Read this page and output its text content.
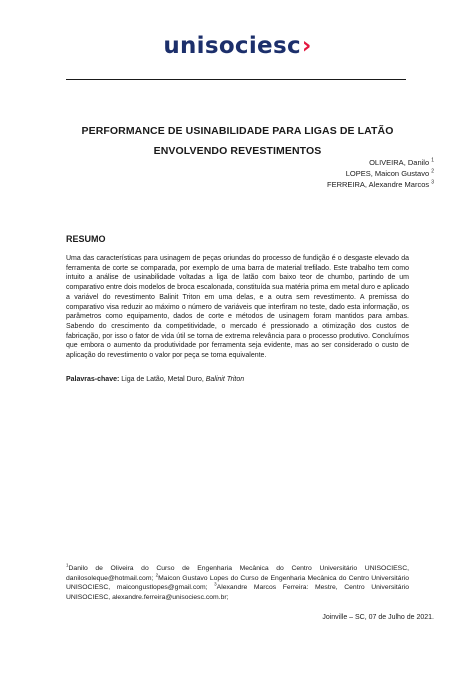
unisociesc›
PERFORMANCE DE USINABILIDADE PARA LIGAS DE LATÃO
ENVOLVENDO REVESTIMENTOS
OLIVEIRA, Danilo $^1$
LOPES, Maicon Gustavo $^2$
FERREIRA, Alexandre Marcos $^3$
RESUMO
Uma das características para usinagem de peças oriundas do processo de fundição é o desgaste elevado da ferramenta de corte se comparada, por exemplo de uma barra de material trefilado. Este trabalho tem como intuito a análise de usinabilidade voltadas a liga de latão com baixo teor de chumbo, partindo de um comparativo entre dois modelos de broca escalonada, constituída sua matéria prima em metal duro e aplicado a variável do revestimento Balinit Triton em uma delas, e a outra sem revestimento. A premissa do comparativo visa reduzir ao máximo o número de variáveis que interfiram no teste, dado esta informação, os parâmetros como equipamento, dados de corte e métodos de usinagem foram mantidos para ambas. Sabendo do crescimento da competitividade, o mercado é pressionado a otimização dos custos de fabricação, por isso o fator de vida útil se torna de extrema relevância para o processo produtivo. Concluímos que embora o aumento da produtividade por ferramenta seja evidente, mas ao ser considerado o custo de aplicação do revestimento o valor por peça se torna equivalente.
Palavras-chave: Liga de Latão, Metal Duro, Balinit Triton
$^1$Danilo de Oliveira do Curso de Engenharia Mecânica do Centro Universitário UNISOCIESC, danilosoleque@hotmail.com; $^2$Maicon Gustavo Lopes do Curso de Engenharia Mecânica do Centro Universitário UNISOCIESC, maicongustlopes@gmail.com; $^3$Alexandre Marcos Ferreira: Mestre, Centro Universitário UNISOCIESC, alexandre.ferreira@unisociesc.com.br;
Joinville – SC, 07 de Julho de 2021.
